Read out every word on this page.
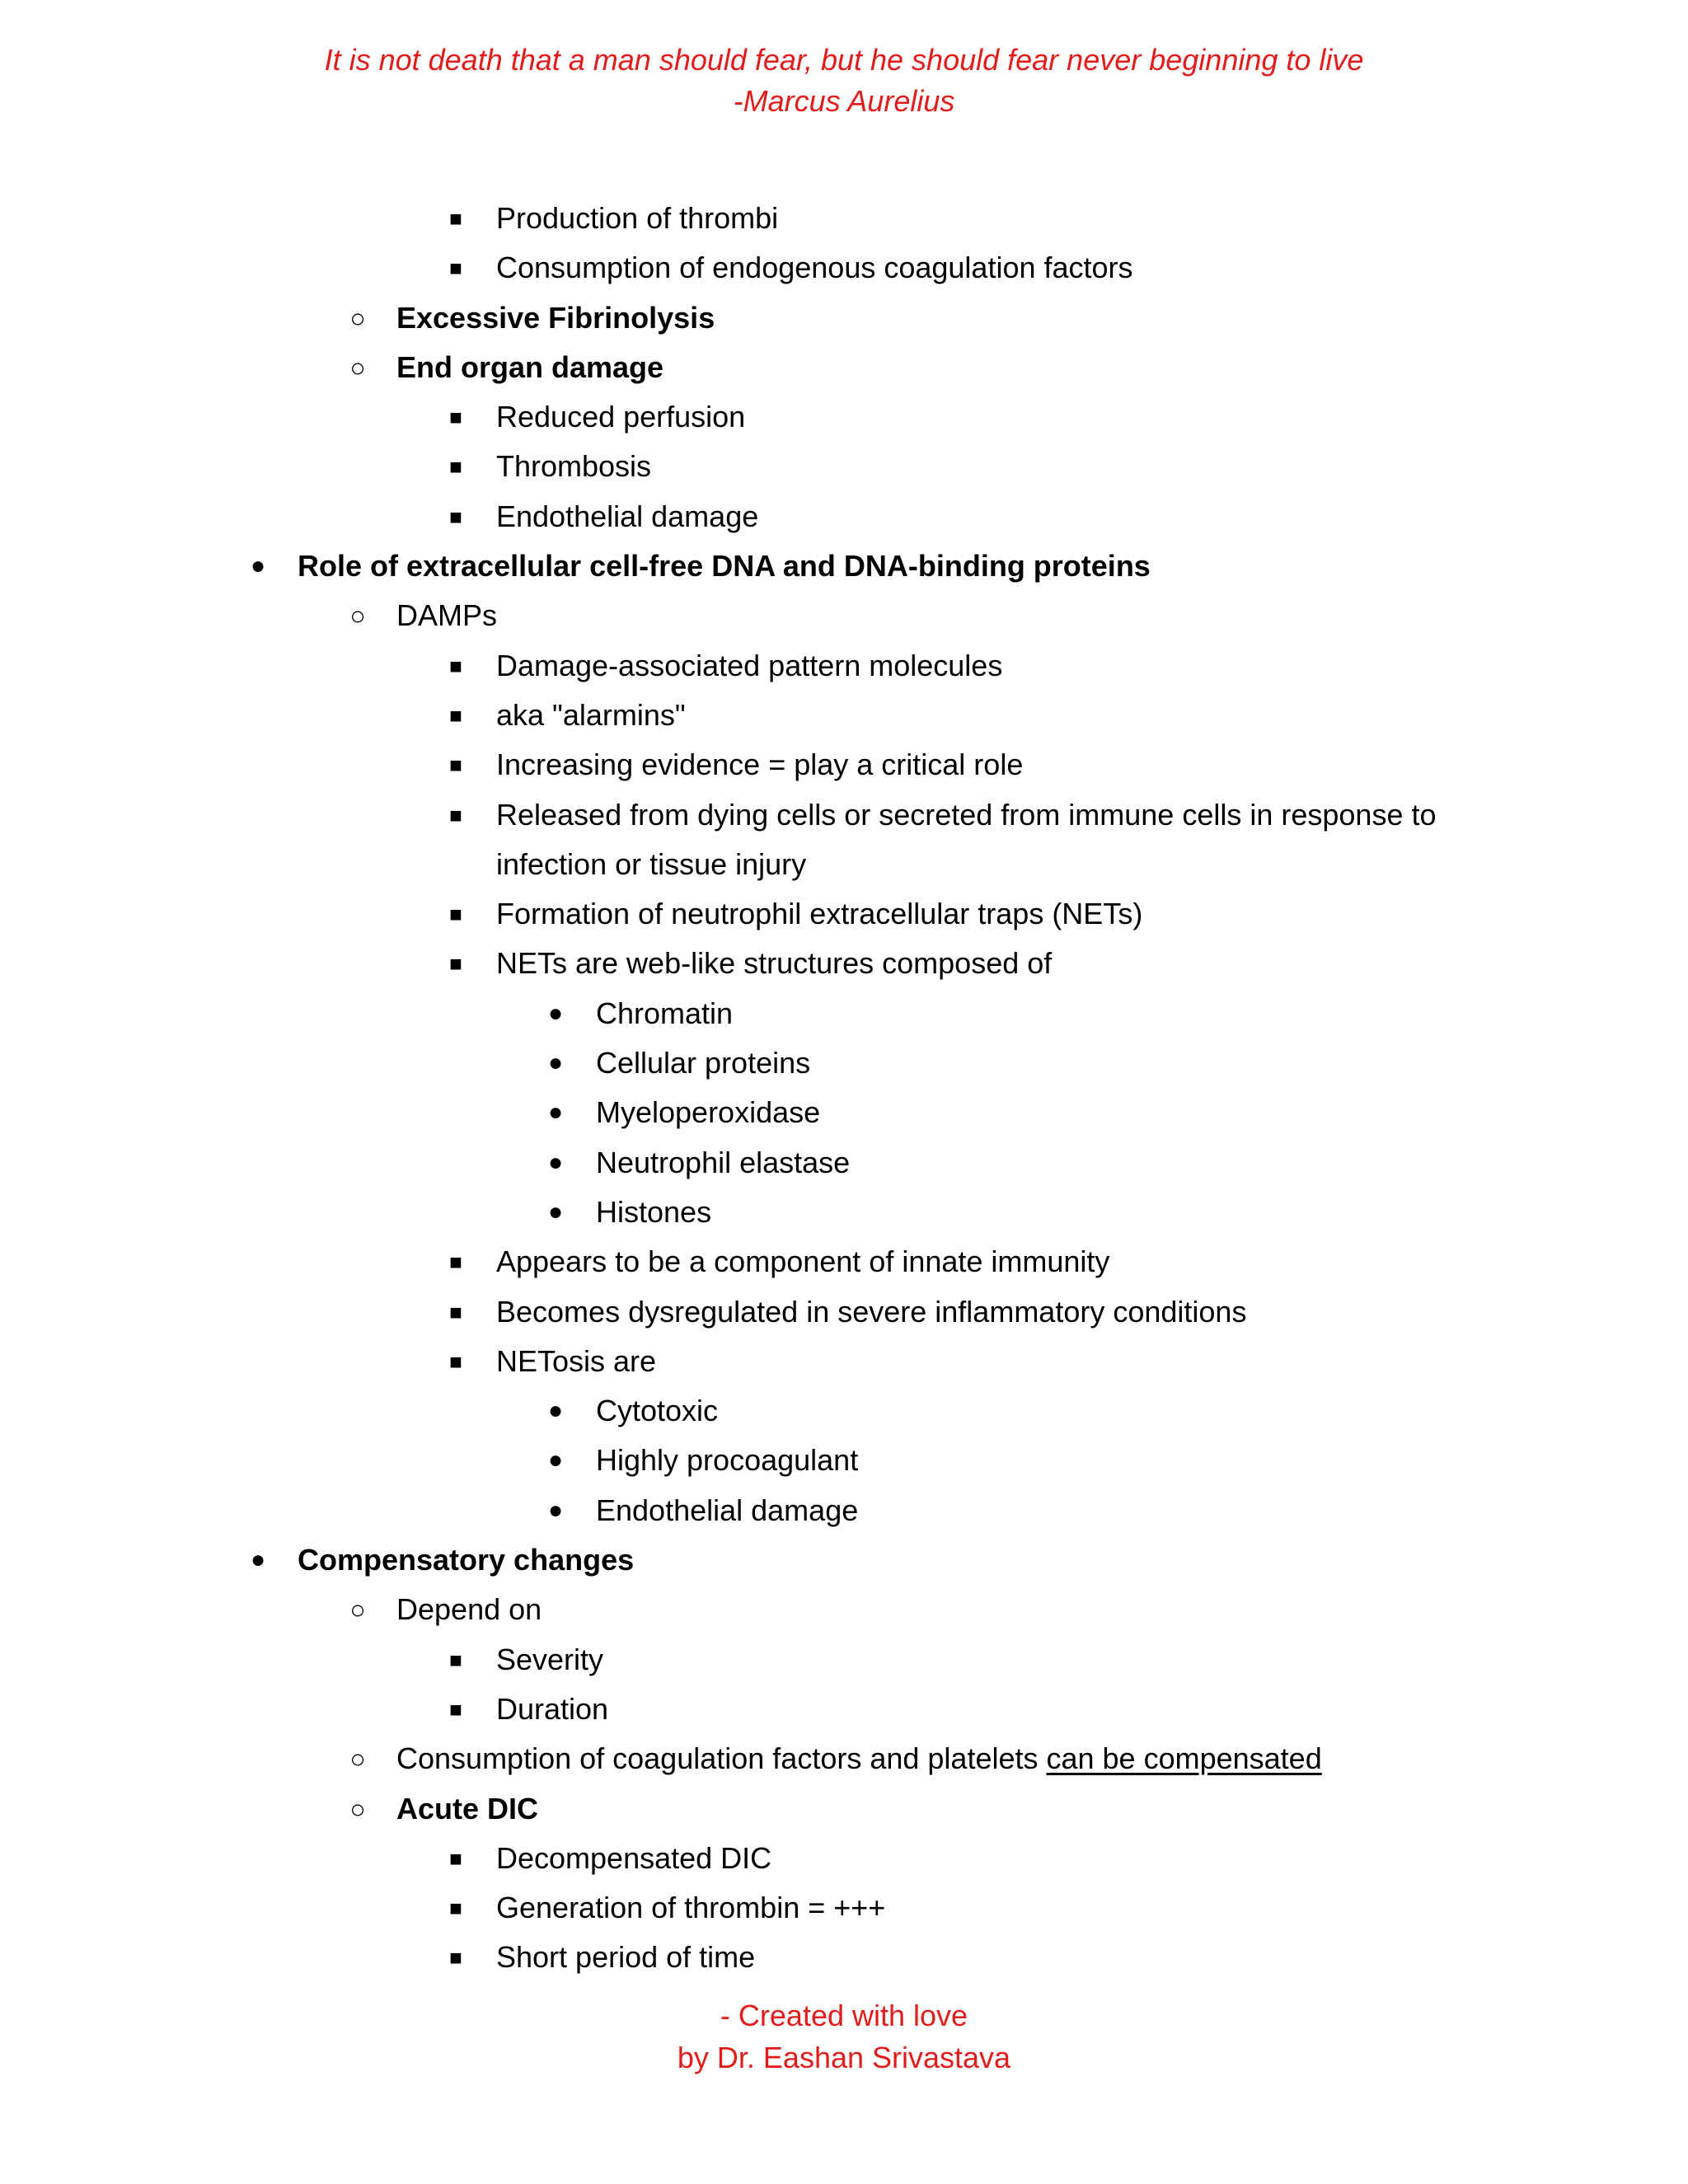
It is not death that a man should fear, but he should fear never beginning to live
-Marcus Aurelius
■	Production of thrombi
■	Consumption of endogenous coagulation factors
○ Excessive Fibrinolysis
○ End organ damage
■	Reduced perfusion
■	Thrombosis
■	Endothelial damage
●	Role of extracellular cell-free DNA and DNA-binding proteins
○ DAMPs
■	Damage-associated pattern molecules
■	aka "alarmins"
■	Increasing evidence = play a critical role
■	Released from dying cells or secreted from immune cells in response to infection or tissue injury
■	Formation of neutrophil extracellular traps (NETs)
■	NETs are web-like structures composed of
●	Chromatin
●	Cellular proteins
●	Myeloperoxidase
●	Neutrophil elastase
●	Histones
■	Appears to be a component of innate immunity
■	Becomes dysregulated in severe inflammatory conditions
■	NETosis are
●	Cytotoxic
●	Highly procoagulant
●	Endothelial damage
●	Compensatory changes
○ Depend on
■	Severity
■	Duration
○ Consumption of coagulation factors and platelets can be compensated
○ Acute DIC
■	Decompensated DIC
■	Generation of thrombin = +++
■	Short period of time
- Created with love
by Dr. Eashan Srivastava
